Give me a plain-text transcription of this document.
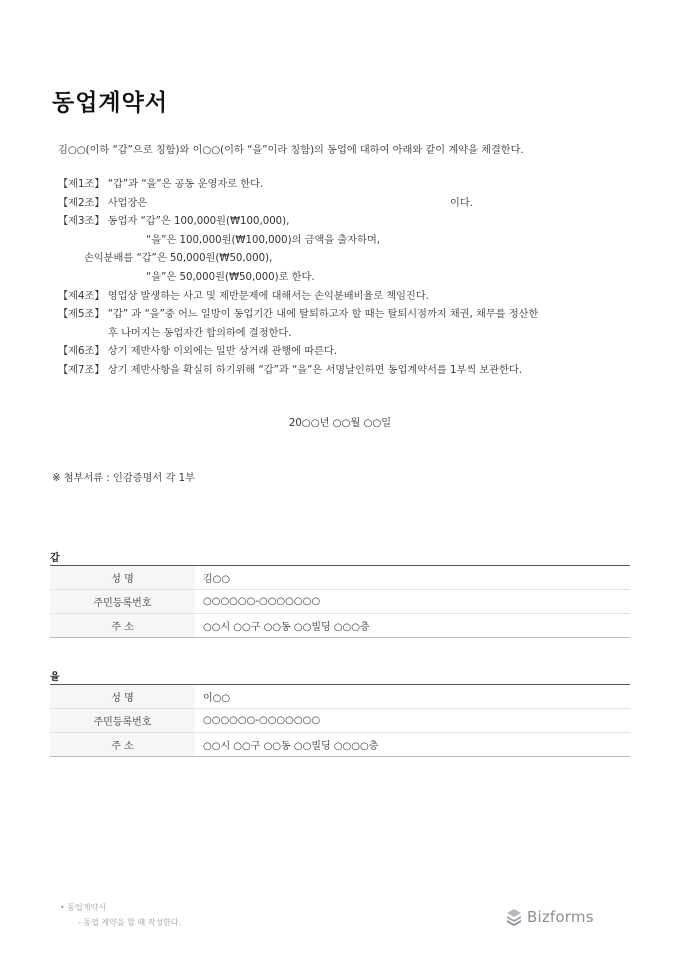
동업계약서
김○○(이하 “갑”으로 칭함)와 이○○(이하 “을”이라 칭함)의 동업에 대하여 아래와 같이 계약을 체결한다.
【제1조】 “갑”과 “을”은 공동 운영자로 한다.
【제2조】 사업장은	이다.
【제3조】 동업자 “갑”은 100,000원(₩100,000),
“을”은 100,000원(₩100,000)의 금액을 출자하며,
손익분배를 “갑”은 50,000원(₩50,000),
“을”은 50,000원(₩50,000)로 한다.
【제4조】 영업상 발생하는 사고 및 제반문제에 대해서는 손익분배비율로 책임진다.
【제5조】 “갑” 과 “을”중 어느 일방이 동업기간 내에 탈퇴하고자 할 때는 탈퇴시점까지 채권, 채무를 정산한
후 나머지는 동업자간 합의하에 결정한다.
【제6조】 상기 제반사항 이외에는 일반 상거래 관행에 따른다.
【제7조】 상기 제반사항을 확실히 하기위해 “갑”과 “을”은 서명날인하면 동업계약서를 1부씩 보관한다.
20○○년 ○○월 ○○일
※ 첨부서류 : 인감증명서 각 1부
갑
성 명	김○○
주민등록번호	○○○○○○-○○○○○○○
주 소	○○시 ○○구 ○○동 ○○빌딩 ○○○층
을
성 명	이○○
주민등록번호	○○○○○○-○○○○○○○
주 소	○○시 ○○구 ○○동 ○○빌딩 ○○○○층
• 동업계약서
- 동업 계약을 할 때 작성한다.	Bizforms
